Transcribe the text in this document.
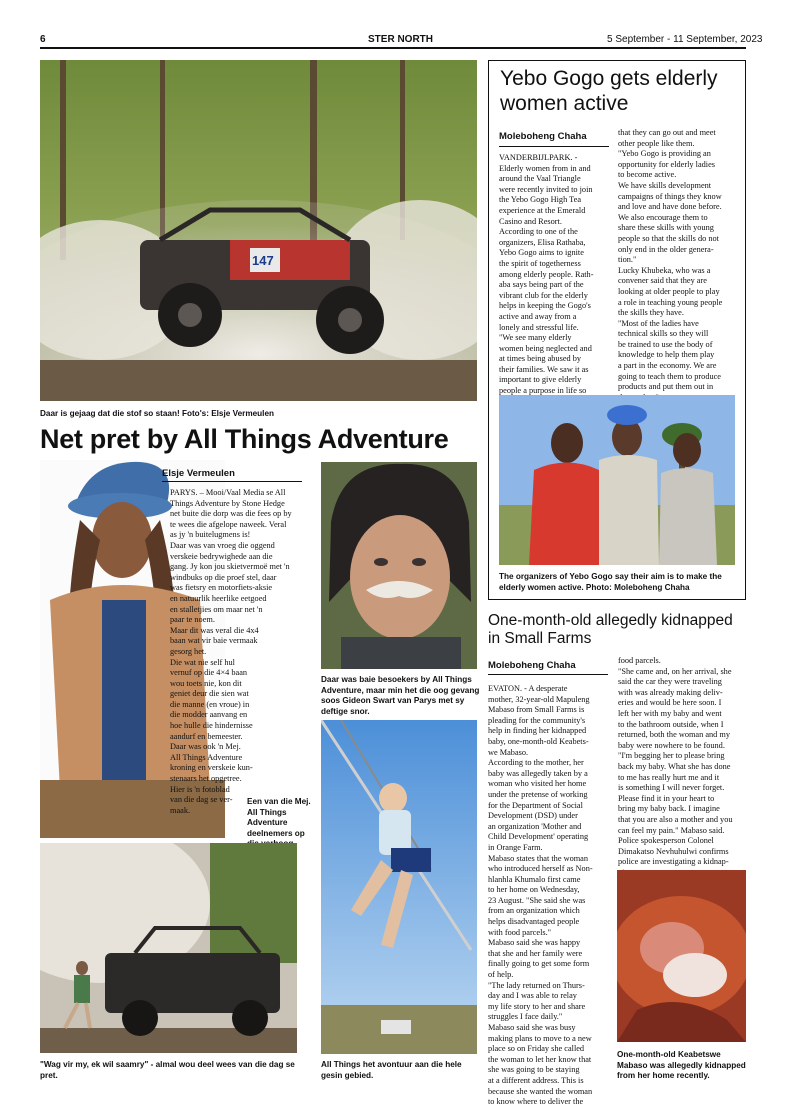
6	STER NORTH	5 September - 11 September, 2023
147
Daar is gejaag dat die stof so staan! Foto's: Elsje Vermeulen
Net pret by All Things Adventure
Elsje Vermeulen
PARYS. – Mooi/Vaal Media se All
Things Adventure by Stone Hedge
net buite die dorp was die fees op by
te wees die afgelope naweek. Veral
as jy 'n buitelugmens is!
Daar was van vroeg die oggend
verskeie bedrywighede aan die
gang. Jy kon jou skietvermoë met 'n
windbuks op die proef stel, daar
was fietsry en motorfiets-aksie
en natuurlik heerlike eetgoed
en stalletjies om maar net 'n
paar te noem.
Maar dit was veral die 4x4
baan wat vir baie vermaak
gesorg het.
Die wat nie self hul
vernuf op die 4×4 baan
wou toets nie, kon dit
geniet deur die sien wat
die manne (en vroue) in
die modder aanvang en
hoe hulle die hindernisse
aandurf en bemeester.
Daar was ook 'n Mej.
All Things Adventure
kroning en verskeie kun-
stenaars het opgetree.
Hier is 'n fotoblad
van die dag se ver-
maak.
Een van die Mej. All Things Adventure deelnemers op
Daar was baie besoekers by All Things Adventure, maar min het die oog gevang soos Gideon Swart van Parys met sy deftige snor.
All Things het avontuur aan die hele gesin gebied.
"Wag vir my, ek wil saamry" - almal wou deel wees van die dag se pret.
Yebo Gogo gets elderly women active
Moleboheng Chaha
VANDERBIJLPARK. -
Elderly women from in and
around the Vaal Triangle
were recently invited to join
the Yebo Gogo High Tea
experience at the Emerald
Casino and Resort.
According to one of the
organizers, Elisa Rathaba,
Yebo Gogo aims to ignite
the spirit of togetherness
among elderly people. Rath-
aba says being part of the
vibrant club for the elderly
helps in keeping the Gogo's
active and away from a
lonely and stressful life.
"We see many elderly
women being neglected and
at times being abused by
their families. We saw it as
important to give elderly
people a purpose in life so
that they can go out and meet
other people like them.
"Yebo Gogo is providing an
opportunity for elderly ladies
to become active.
We have skills development
campaigns of things they know
and love and have done before.
We also encourage them to
share these skills with young
people so that the skills do not
only end in the older genera-
tion."
Lucky Khubeka, who was a
convener said that they are
looking at older people to play
a role in teaching young people
the skills they have.
"Most of the ladies have
technical skills so they will
be trained to use the body of
knowledge to help them play
a part in the economy. We are
going to teach them to produce
products and put them out in

The organizers of Yebo Gogo say their aim is to make the elderly women active. Photo: Moleboheng Chaha
One-month-old allegedly kidnapped in Small Farms
Moleboheng Chaha
EVATON. - A desperate
mother, 32-year-old Mapuleng
Mabaso from Small Farms is
pleading for the community's
help in finding her kidnapped
baby, one-month-old Keabets-
we Mabaso.
According to the mother, her
baby was allegedly taken by a
woman who visited her home
under the pretense of working
for the Department of Social
Development (DSD) under
an organization 'Mother and
Child Development' operating
in Orange Farm.
Mabaso states that the woman
who introduced herself as Non-
hlanhla Khumalo first came
to her home on Wednesday,
23 August. "She said she was
from an organization which
helps disadvantaged people
with food parcels."
Mabaso said she was happy
that she and her family were
finally going to get some form
of help.
"The lady returned on Thurs-
day and I was able to relay
my life story to her and share
struggles I face daily."
Mabaso said she was busy
making plans to move to a new
place so on Friday she called
the woman to let her know that
she was going to be staying
at a different address. This is
because she wanted the woman
to know where to deliver the
food parcels.
"She came and, on her arrival, she
said the car they were traveling
with was already making deliv-
eries and would be here soon. I
left her with my baby and went
to the bathroom outside, when I
returned, both the woman and my
baby were nowhere to be found.
"I'm begging her to please bring
back my baby. What she has done
to me has really hurt me and it
is something I will never forget.
Please find it in your heart to
bring my baby back. I imagine
that you are also a mother and you
can feel my pain." Mabaso said.
Police spokesperson Colonel
Dimakatso Nevhuhulwi confirms
police are investigating a kidnap-

One-month-old Keabetswe Mabaso was allegedly kidnapped from her home recently.
